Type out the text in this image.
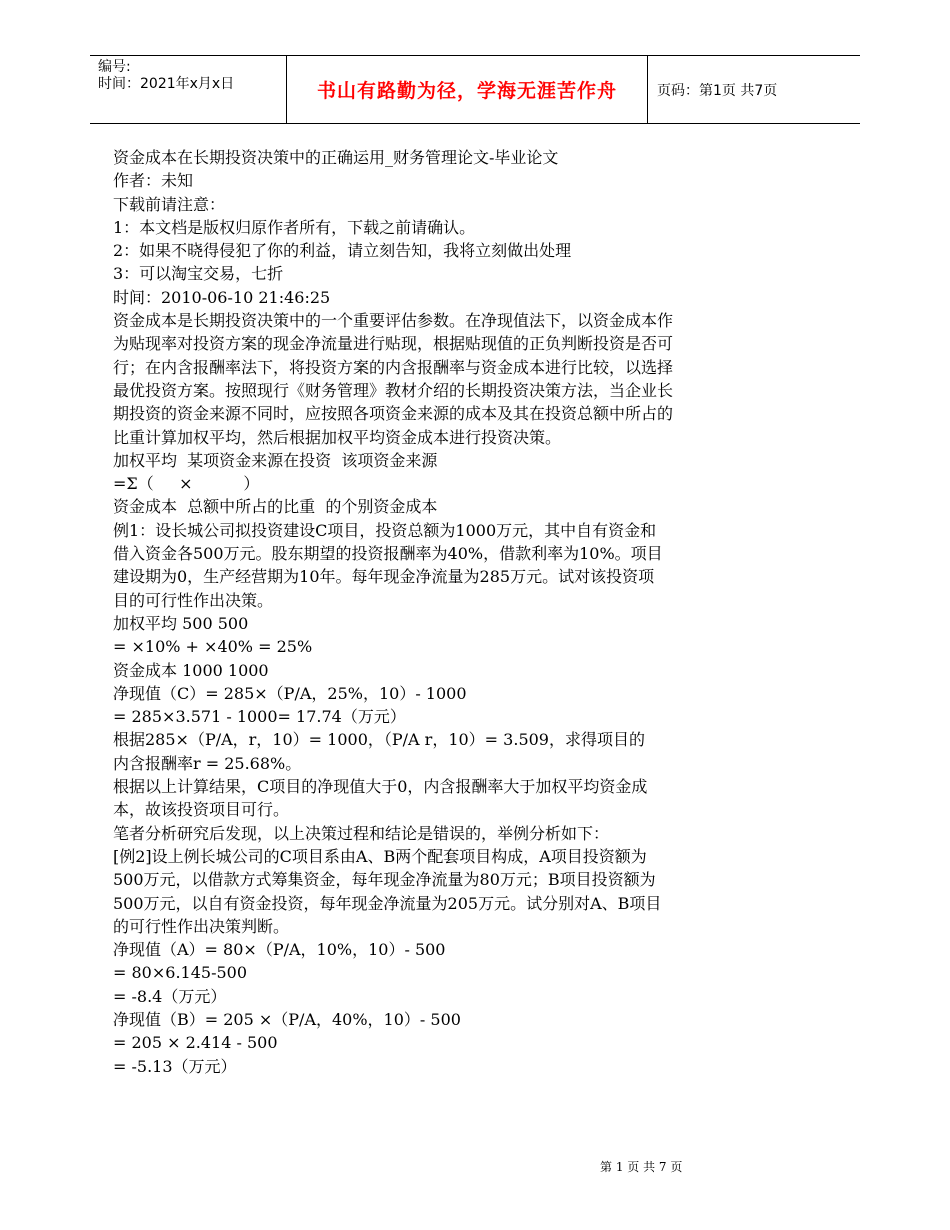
编号:
时间：2021年x月x日	书山有路勤为径，学海无涯苦作舟	页码：第1页 共7页

资金成本在长期投资决策中的正确运用_财务管理论文-毕业论文

作者：未知

下载前请注意：

1：本文档是版权归原作者所有，下载之前请确认。

2：如果不晓得侵犯了你的利益，请立刻告知，我将立刻做出处理

3：可以淘宝交易，七折

时间：2010-06-10 21:46:25

资金成本是长期投资决策中的一个重要评估参数。在净现值法下，以资金成本作

为贴现率对投资方案的现金净流量进行贴现，根据贴现值的正负判断投资是否可

行；在内含报酬率法下，将投资方案的内含报酬率与资金成本进行比较，以选择

最优投资方案。按照现行《财务管理》教材介绍的长期投资决策方法，当企业长

期投资的资金来源不同时，应按照各项资金来源的成本及其在投资总额中所占的

比重计算加权平均，然后根据加权平均资金成本进行投资决策。

加权平均  某项资金来源在投资  该项资金来源

=Σ（     ×          ）

资金成本  总额中所占的比重  的个别资金成本

例1：设长城公司拟投资建设C项目，投资总额为1000万元，其中自有资金和

借入资金各500万元。股东期望的投资报酬率为40%，借款利率为10%。项目

建设期为0，生产经营期为10年。每年现金净流量为285万元。试对该投资项

目的可行性作出决策。

加权平均 500 500

= ×10% + ×40% = 25%

资金成本 1000 1000

净现值（C）= 285×（P/A，25%，10）- 1000

= 285×3.571 - 1000= 17.74（万元）

根据285×（P/A，r，10）= 1000，（P/A r，10）= 3.509，求得项目的

内含报酬率r = 25.68%。

根据以上计算结果，C项目的净现值大于0，内含报酬率大于加权平均资金成

本，故该投资项目可行。

笔者分析研究后发现，以上决策过程和结论是错误的，举例分析如下：

[例2]设上例长城公司的C项目系由A、B两个配套项目构成，A项目投资额为

500万元，以借款方式筹集资金，每年现金净流量为80万元；B项目投资额为

500万元，以自有资金投资，每年现金净流量为205万元。试分别对A、B项目

的可行性作出决策判断。

净现值（A）= 80×（P/A，10%，10）- 500

= 80×6.145-500

= -8.4（万元）

净现值（B）= 205 ×（P/A，40%，10）- 500

= 205 × 2.414 - 500

= -5.13（万元）

第 1 页 共 7 页
